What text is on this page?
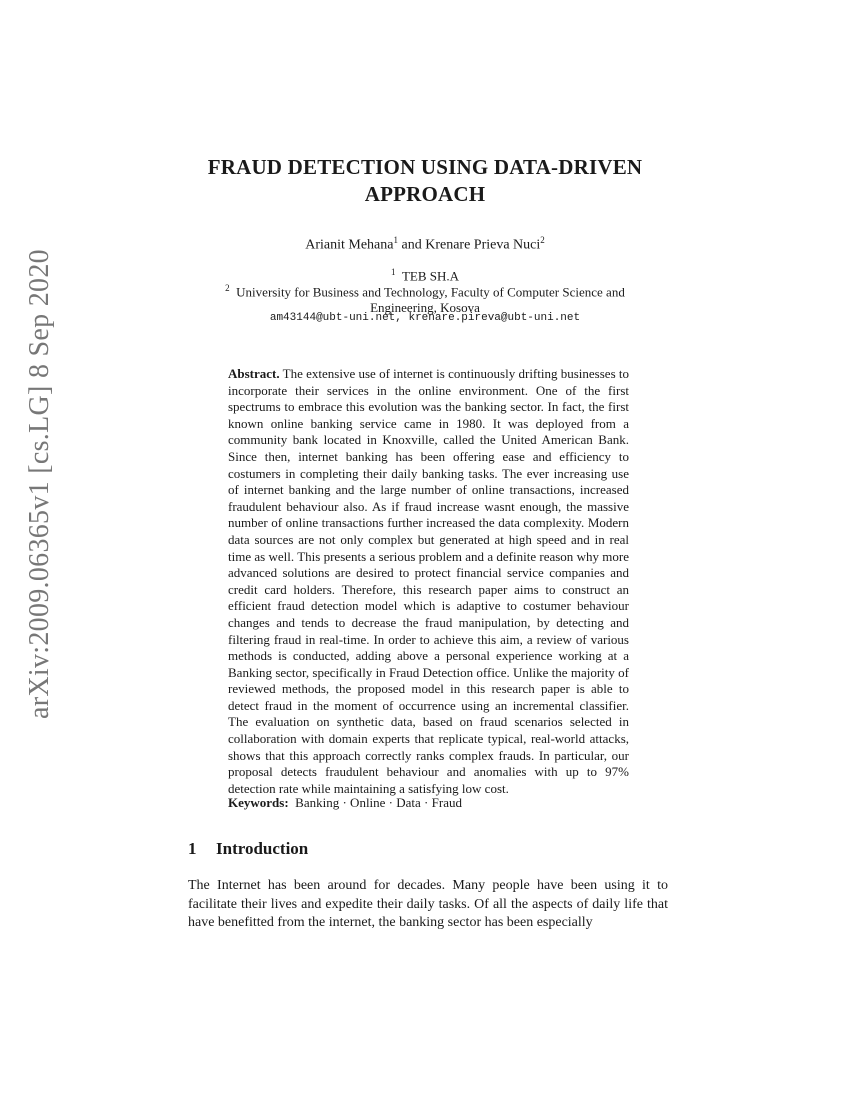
arXiv:2009.06365v1 [cs.LG] 8 Sep 2020
FRAUD DETECTION USING DATA-DRIVEN APPROACH
Arianit Mehana$^1$ and Krenare Prieva Nuci$^2$
$^1$ TEB SH.A
$^2$ University for Business and Technology, Faculty of Computer Science and Engineering, Kosova
am43144@ubt-uni.net, krenare.pireva@ubt-uni.net
Abstract. The extensive use of internet is continuously drifting businesses to incorporate their services in the online environment. One of the first spectrums to embrace this evolution was the banking sector. In fact, the first known online banking service came in 1980. It was deployed from a community bank located in Knoxville, called the United American Bank. Since then, internet banking has been offering ease and efficiency to costumers in completing their daily banking tasks. The ever increasing use of internet banking and the large number of online transactions, increased fraudulent behaviour also. As if fraud increase wasnt enough, the massive number of online transactions further increased the data complexity. Modern data sources are not only complex but generated at high speed and in real time as well. This presents a serious problem and a definite reason why more advanced solutions are desired to protect financial service companies and credit card holders. Therefore, this research paper aims to construct an efficient fraud detection model which is adaptive to costumer behaviour changes and tends to decrease the fraud manipulation, by detecting and filtering fraud in real-time. In order to achieve this aim, a review of various methods is conducted, adding above a personal experience working at a Banking sector, specifically in Fraud Detection office. Unlike the majority of reviewed methods, the proposed model in this research paper is able to detect fraud in the moment of occurrence using an incremental classifier. The evaluation on synthetic data, based on fraud scenarios selected in collaboration with domain experts that replicate typical, real-world attacks, shows that this approach correctly ranks complex frauds. In particular, our proposal detects fraudulent behaviour and anomalies with up to 97% detection rate while maintaining a satisfying low cost.
Keywords: Banking · Online · Data · Fraud
1 Introduction
The Internet has been around for decades. Many people have been using it to facilitate their lives and expedite their daily tasks. Of all the aspects of daily life that have benefitted from the internet, the banking sector has been especially
